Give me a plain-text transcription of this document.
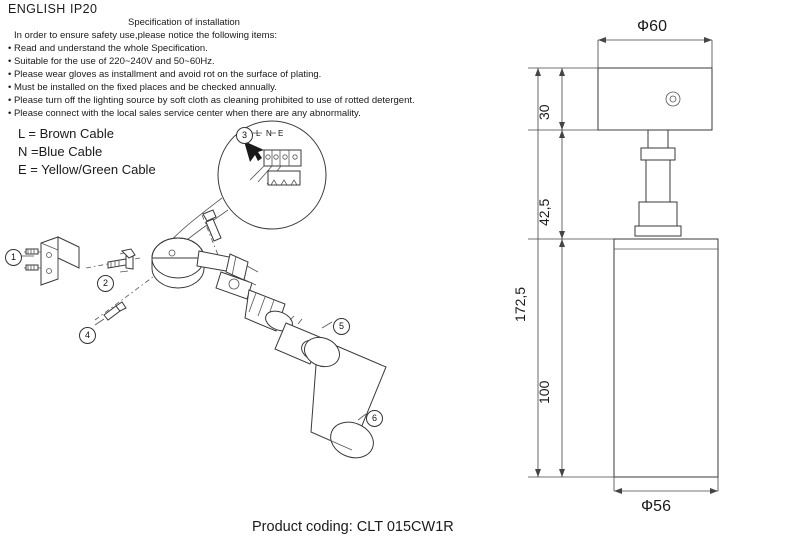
ENGLISH IP20
Specification of installation
In order to ensure safety use,please notice the following items:
• Read and understand the whole Specification.
• Suitable for the use of 220~240V and 50~60Hz.
• Please wear gloves as installment and avoid rot on the surface of plating.
• Must be installed on the fixed places and be checked annually.
• Please turn off the lighting source by soft cloth as cleaning prohibited to use of rotted detergent.
• Please connect with the local sales service center when there are any abnormality.
L = Brown Cable
N =Blue Cable
E = Yellow/Green Cable
L N E
1
2
3
4
5
6
Ф60
Ф56
30
42,5
172,5
100
Product coding: CLT 015CW1R
